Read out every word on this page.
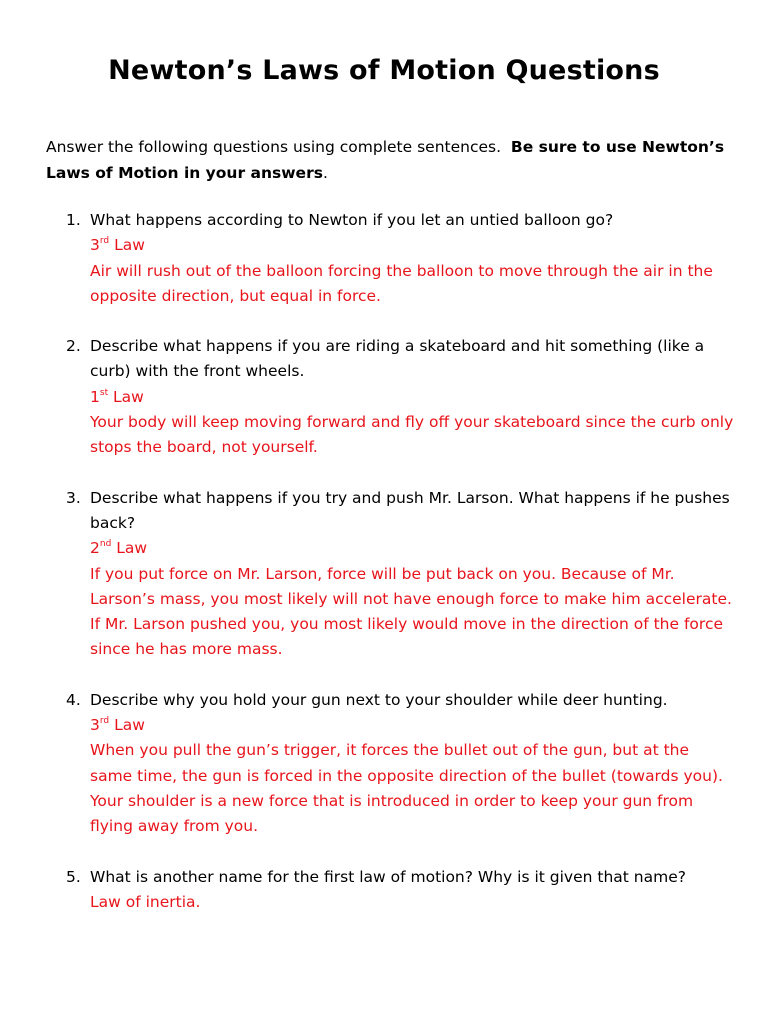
Newton’s Laws of Motion Questions

Answer the following questions using complete sentences. Be sure to use Newton’s Laws of Motion in your answers.

1. What happens according to Newton if you let an untied balloon go?
3rd Law
Air will rush out of the balloon forcing the balloon to move through the air in the opposite direction, but equal in force.
2. Describe what happens if you are riding a skateboard and hit something (like a curb) with the front wheels.
1st Law
Your body will keep moving forward and fly off your skateboard since the curb only stops the board, not yourself.
3. Describe what happens if you try and push Mr. Larson. What happens if he pushes back?
2nd Law
If you put force on Mr. Larson, force will be put back on you. Because of Mr. Larson’s mass, you most likely will not have enough force to make him accelerate. If Mr. Larson pushed you, you most likely would move in the direction of the force since he has more mass.
4. Describe why you hold your gun next to your shoulder while deer hunting.
3rd Law
When you pull the gun’s trigger, it forces the bullet out of the gun, but at the same time, the gun is forced in the opposite direction of the bullet (towards you). Your shoulder is a new force that is introduced in order to keep your gun from flying away from you.
5. What is another name for the first law of motion? Why is it given that name?
Law of inertia.
